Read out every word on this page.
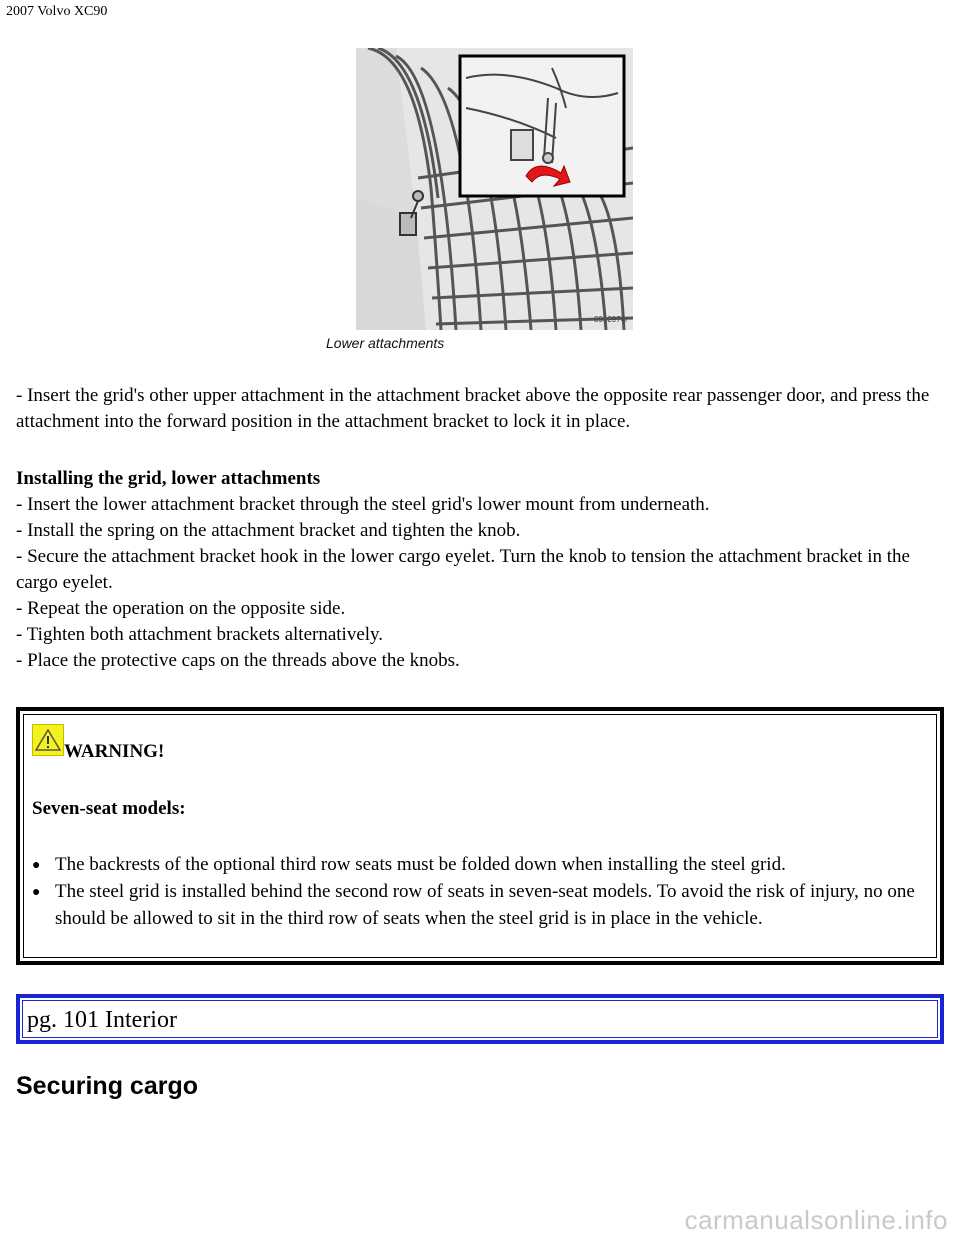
2007 Volvo XC90
8902974r
Lower attachments

- Insert the grid's other upper attachment in the attachment bracket above the opposite rear passenger door, and press the attachment into the forward position in the attachment bracket to lock it in place.

Installing the grid, lower attachments

- Insert the lower attachment bracket through the steel grid's lower mount from underneath.

- Install the spring on the attachment bracket and tighten the knob.

- Secure the attachment bracket hook in the lower cargo eyelet. Turn the knob to tension the attachment bracket in the cargo eyelet.

- Repeat the operation on the opposite side.

- Tighten both attachment brackets alternatively.

- Place the protective caps on the threads above the knobs.

WARNING!
Seven-seat models:
● The backrests of the optional third row seats must be folded down when installing the steel grid.
● The steel grid is installed behind the second row of seats in seven-seat models. To avoid the risk of injury, no one should be allowed to sit in the third row of seats when the steel grid is in place in the vehicle.
pg. 101 Interior
Securing cargo
carmanualsonline.info
